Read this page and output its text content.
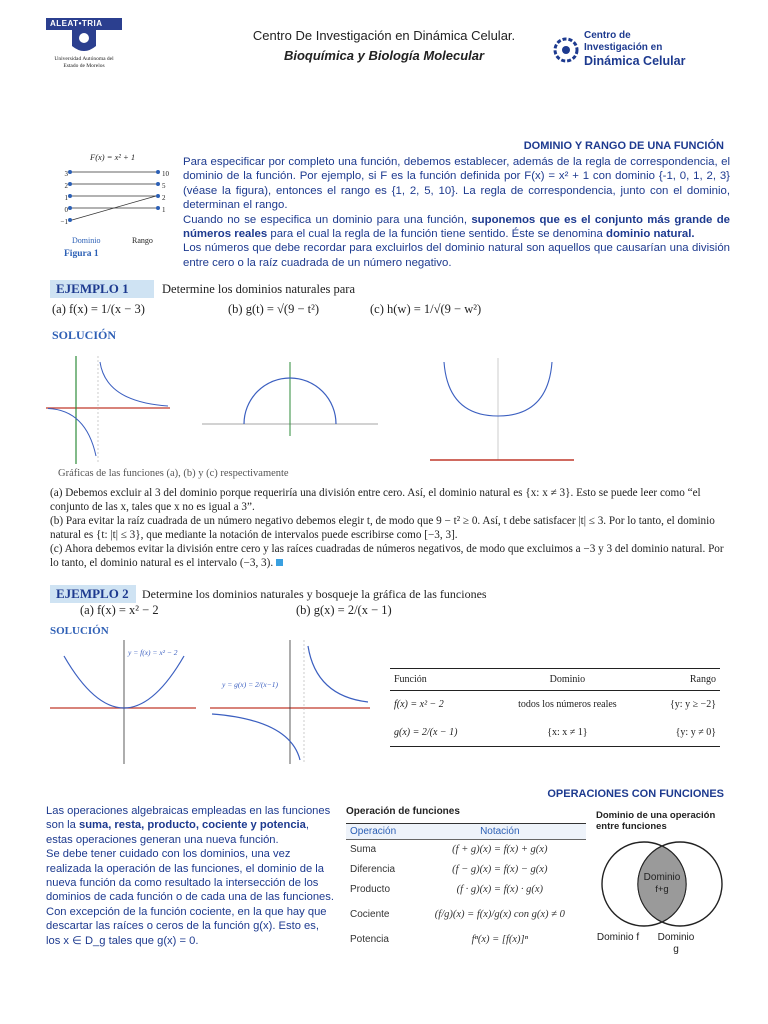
ALEAT•TRIA
Universidad Autónoma del
Estado de Morelos
Centro De Investigación en Dinámica Celular.
Bioquímica y Biología Molecular
Centro de
Investigación en
Dinámica Celular
DOMINIO Y RANGO DE UNA FUNCIÓN
F(x) = x² + 1
3
2
1
0
−1
10
5
2
1
Dominio	Rango
Figura 1

Para especificar por completo una función, debemos establecer, además de la regla de correspondencia, el dominio de la función. Por ejemplo, si F es la función definida por F(x) = x² + 1 con dominio {-1, 0, 1, 2, 3} (véase la figura), entonces el rango es {1, 2, 5, 10}. La regla de correspondencia, junto con el dominio, determinan el rango.

Cuando no se especifica un dominio para una función, suponemos que es el conjunto más grande de números reales para el cual la regla de la función tiene sentido. Éste se denomina dominio natural.

Los números que debe recordar para excluirlos del dominio natural son aquellos que causarían una división entre cero o la raíz cuadrada de un número negativo.

EJEMPLO 1	Determine los dominios naturales para
(a) f(x) = 1/(x − 3)	(b) g(t) = √(9 − t²)	(c) h(w) = 1/√(9 − w²)
SOLUCIÓN
Gráficas de las funciones (a), (b) y (c) respectivamente

(a) Debemos excluir al 3 del dominio porque requeriría una división entre cero. Así, el dominio natural es {x: x ≠ 3}. Esto se puede leer como “el conjunto de las x, tales que x no es igual a 3”.

(b) Para evitar la raíz cuadrada de un número negativo debemos elegir t, de modo que 9 − t² ≥ 0. Así, t debe satisfacer |t| ≤ 3. Por lo tanto, el dominio natural es {t: |t| ≤ 3}, que mediante la notación de intervalos puede escribirse como [−3, 3].

(c) Ahora debemos evitar la división entre cero y las raíces cuadradas de números negativos, de modo que excluimos a −3 y 3 del dominio natural. Por lo tanto, el dominio natural es el intervalo (−3, 3).

EJEMPLO 2 Determine los dominios naturales y bosqueje la gráfica de las funciones
(a) f(x) = x² − 2	(b) g(x) = 2/(x − 1)
SOLUCIÓN
y = f(x) = x² − 2
y = g(x) = 2/(x−1)	Función	Dominio	Rango
f(x) = x² − 2	todos los números reales	{y: y ≥ −2}
g(x) = 2/(x − 1)	{x: x ≠ 1}	{y: y ≠ 0}
OPERACIONES CON FUNCIONES

Las operaciones algebraicas empleadas en las funciones son la suma, resta, producto, cociente y potencia, estas operaciones generan una nueva función.

Se debe tener cuidado con los dominios, una vez realizada la operación de las funciones, el dominio de la nueva función da como resultado la intersección de los dominios de cada función o de cada una de las funciones. Con excepción de la función cociente, en la que hay que descartar las raíces o ceros de la función g(x). Esto es, los x ∈ D_g tales que g(x) = 0.

Operación de funciones
Operación	Notación
Suma	(f + g)(x) = f(x) + g(x)
Diferencia	(f − g)(x) = f(x) − g(x)
Producto	(f · g)(x) = f(x) · g(x)
Cociente	(f/g)(x) = f(x)/g(x) con g(x) ≠ 0
Potencia	fⁿ(x) = [f(x)]ⁿ
Dominio de una operación entre funciones
Dominio
f+g
Dominio f	Dominio g
